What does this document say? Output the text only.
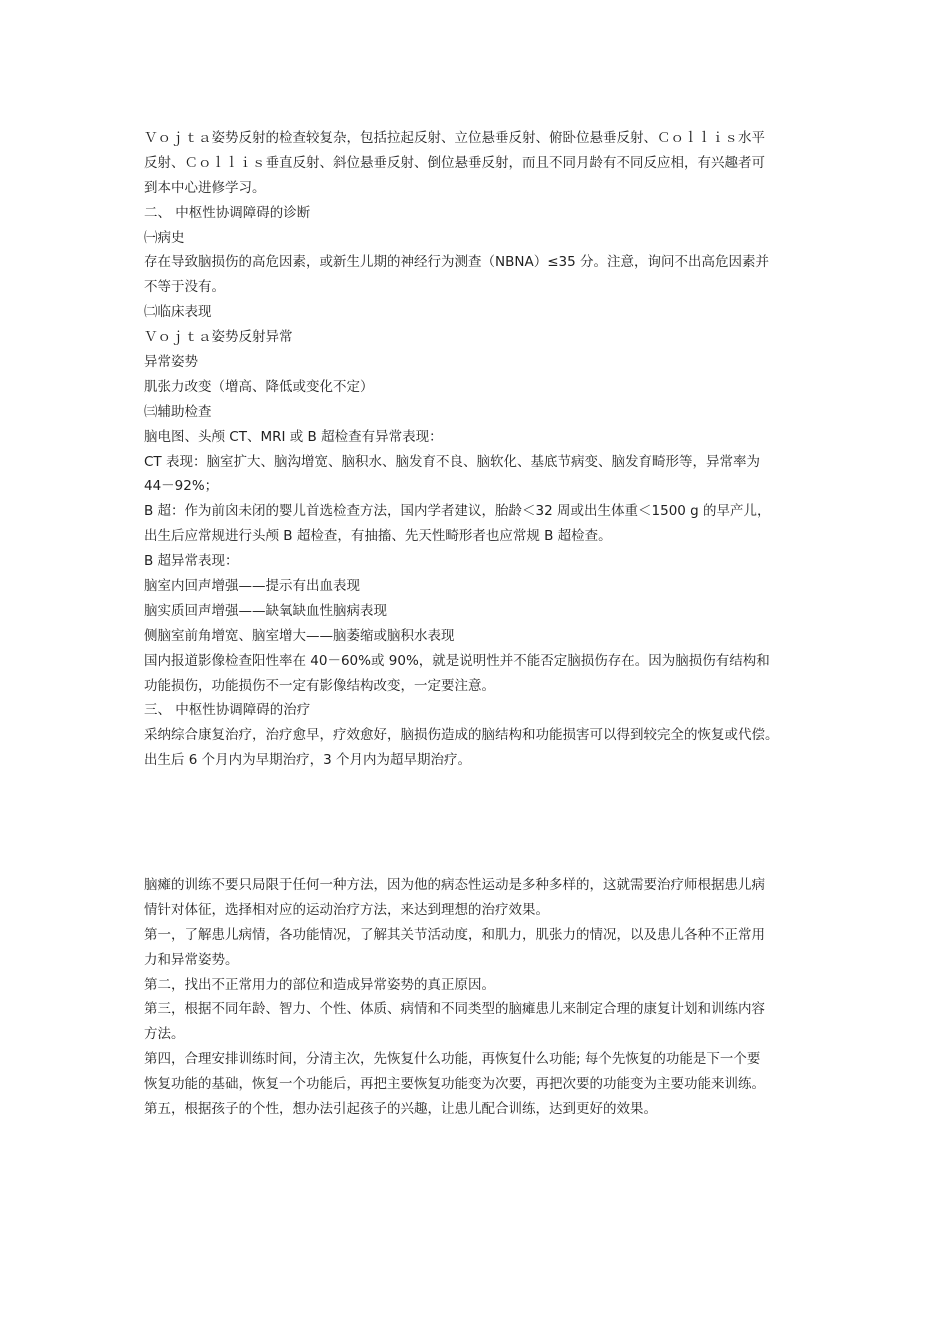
Ｖｏｊｔａ姿势反射的检查较复杂，包括拉起反射、立位悬垂反射、俯卧位悬垂反射、Ｃｏｌｌｉｓ水平
反射、Ｃｏｌｌｉｓ垂直反射、斜位悬垂反射、倒位悬垂反射，而且不同月龄有不同反应相，有兴趣者可
到本中心进修学习。
二、 中枢性协调障碍的诊断
㈠病史
存在导致脑损伤的高危因素，或新生儿期的神经行为测查（NBNA）≤35 分。注意，询问不出高危因素并
不等于没有。
㈡临床表现
Ｖｏｊｔａ姿势反射异常
异常姿势
肌张力改变（增高、降低或变化不定）
㈢辅助检查
脑电图、头颅 CT、MRI 或 B 超检查有异常表现：
CT 表现：脑室扩大、脑沟增宽、脑积水、脑发育不良、脑软化、基底节病变、脑发育畸形等，异常率为
44－92%；
B 超：作为前囟未闭的婴儿首选检查方法，国内学者建议，胎龄＜32 周或出生体重＜1500 g 的早产儿，
出生后应常规进行头颅 B 超检查，有抽搐、先天性畸形者也应常规 B 超检查。
B 超异常表现：
脑室内回声增强——提示有出血表现
脑实质回声增强——缺氧缺血性脑病表现
侧脑室前角增宽、脑室增大——脑萎缩或脑积水表现
国内报道影像检查阳性率在 40－60%或 90%，就是说明性并不能否定脑损伤存在。因为脑损伤有结构和
功能损伤，功能损伤不一定有影像结构改变，一定要注意。
三、 中枢性协调障碍的治疗
采纳综合康复治疗，治疗愈早，疗效愈好，脑损伤造成的脑结构和功能损害可以得到较完全的恢复或代偿。
出生后 6 个月内为早期治疗，3 个月内为超早期治疗。
脑瘫的训练不要只局限于任何一种方法，因为他的病态性运动是多种多样的，这就需要治疗师根据患儿病
情针对体征，选择相对应的运动治疗方法，来达到理想的治疗效果。
第一，了解患儿病情，各功能情况，了解其关节活动度，和肌力，肌张力的情况，以及患儿各种不正常用
力和异常姿势。
第二，找出不正常用力的部位和造成异常姿势的真正原因。
第三，根据不同年龄、智力、个性、体质、病情和不同类型的脑瘫患儿来制定合理的康复计划和训练内容
方法。
第四，合理安排训练时间，分清主次，先恢复什么功能，再恢复什么功能; 每个先恢复的功能是下一个要
恢复功能的基础，恢复一个功能后，再把主要恢复功能变为次要，再把次要的功能变为主要功能来训练。
第五，根据孩子的个性，想办法引起孩子的兴趣，让患儿配合训练，达到更好的效果。
